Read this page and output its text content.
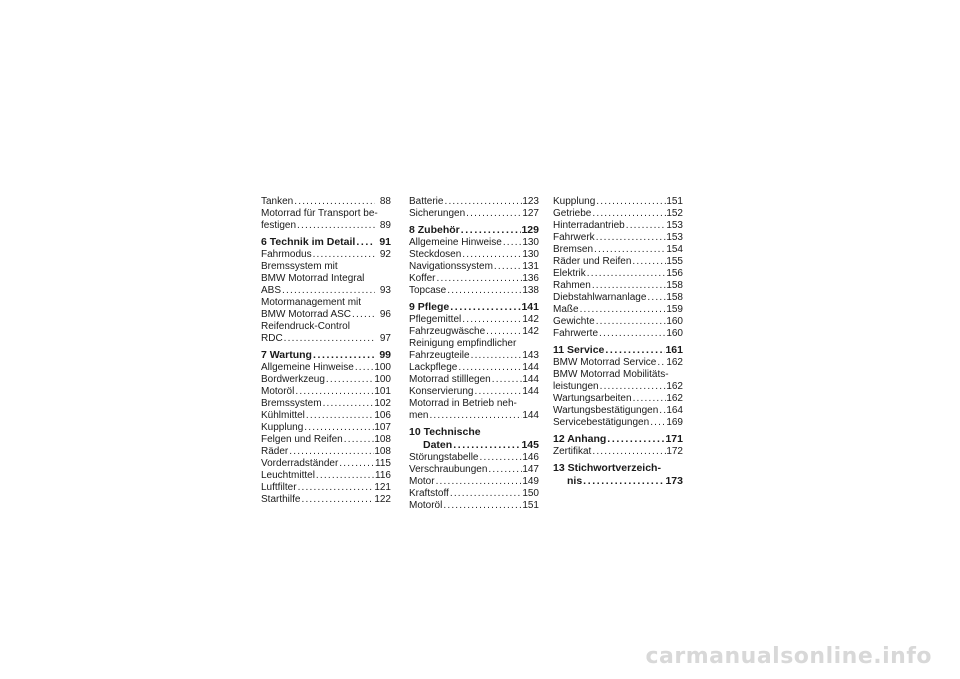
Tanken .....	88
Motorrad für Transport be-
festigen .....	89
6 Technik im Detail .....	91
Fahrmodus .....	92
Bremssystem mit
BMW Motorrad Integral
ABS .....	93
Motormanagement mit
BMW Motorrad ASC .....	96
Reifendruck-Control
RDC .....	97
7 Wartung .....	99
Allgemeine Hinweise ..... 100
Bordwerkzeug .....	100
Motoröl .....	101
Bremssystem .....	102
Kühlmittel .....	106
Kupplung .....	107
Felgen und Reifen .....	108
Räder .....	108
Vorderradständer .....	115
Leuchtmittel .....	116
Luftfilter .....	121
Starthilfe .....	122
Batterie .....	123
Sicherungen .....	127
8 Zubehör .....	129
Allgemeine Hinweise ..... 130
Steckdosen .....	130
Navigationssystem .....	131
Koffer .....	136
Topcase .....	138
9 Pflege .....	141
Pflegemittel .....	142
Fahrzeugwäsche .....	142
Reinigung empfindlicher
Fahrzeugteile .....	143
Lackpflege .....	144
Motorrad stilllegen .....	144
Konservierung .....	144
Motorrad in Betrieb neh-
men .....	144
10 Technische
Daten .....	145
Störungstabelle .....	146
Verschraubungen .....	147
Motor .....	149
Kraftstoff .....	150
Motoröl .....	151
Kupplung .....	151
Getriebe .....	152
Hinterradantrieb .....	153
Fahrwerk .....	153
Bremsen .....	154
Räder und Reifen .....	155
Elektrik .....	156
Rahmen .....	158
Diebstahlwarnanlage ..... 158
Maße .....	159
Gewichte .....	160
Fahrwerte .....	160
11 Service .....	161
BMW Motorrad Service ..... 162
BMW Motorrad Mobilitäts-
leistungen .....	162
Wartungsarbeiten .....	162
Wartungsbestätigungen ..... 164
Servicebestätigungen ..... 169
12 Anhang .....	171
Zertifikat .....	172
13 Stichwortverzeich-
nis .....	173
carmanualsonline.info
